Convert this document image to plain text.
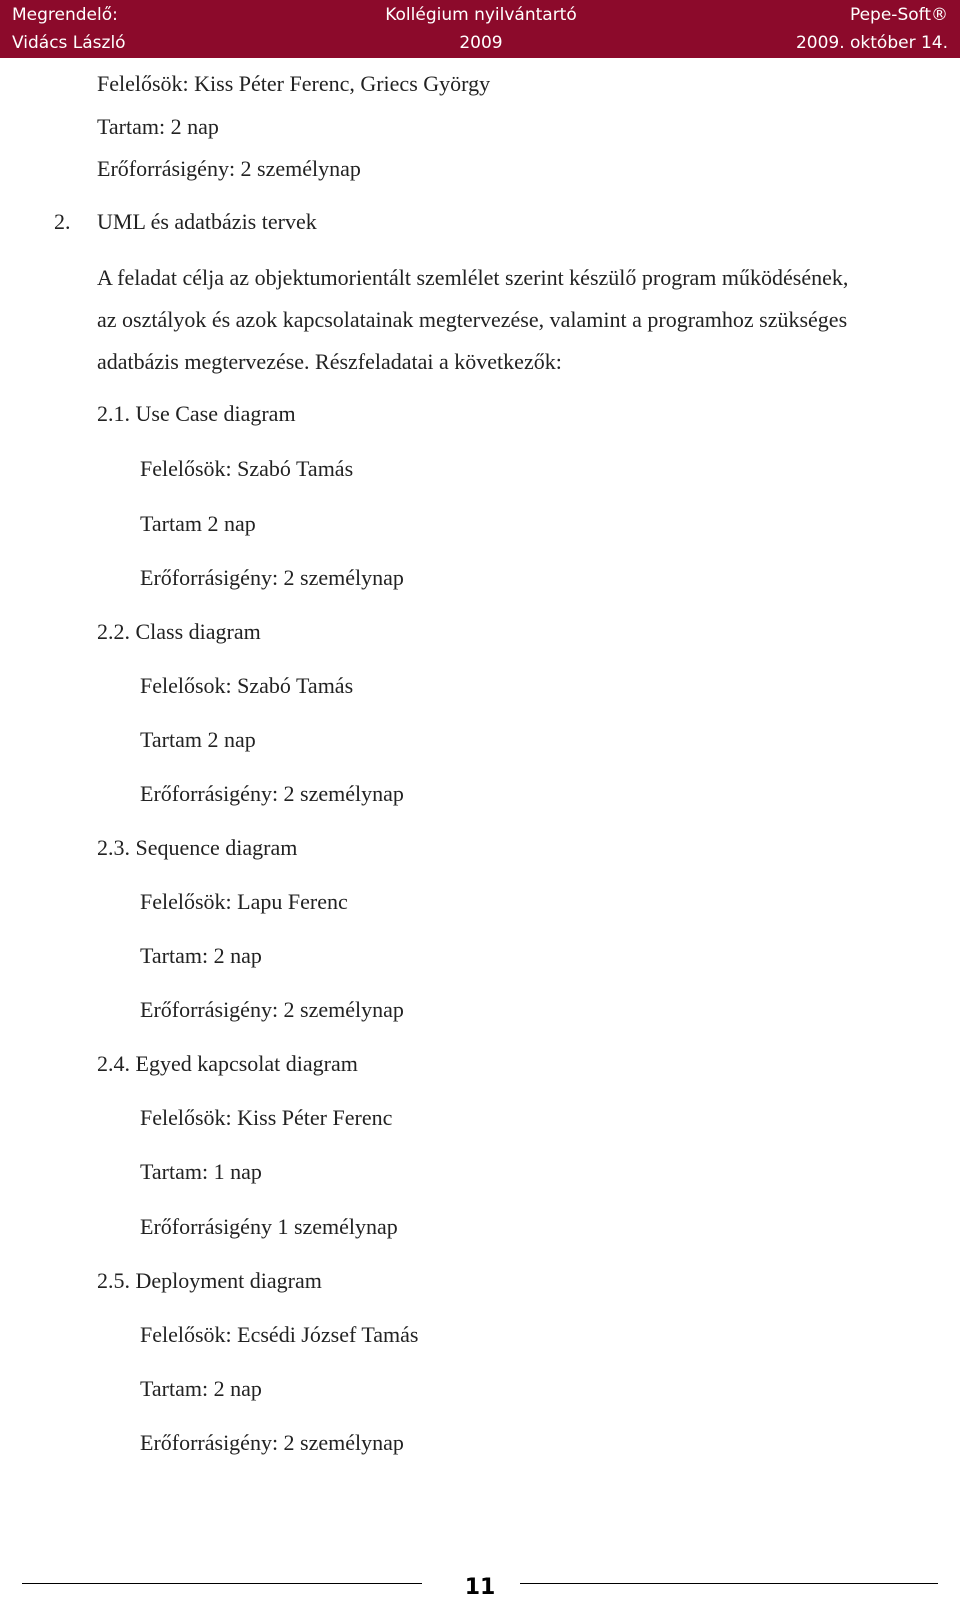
Megrendelő:
Vidács László
Kollégium nyilvántartó
2009
Pepe-Soft®
2009. október 14.
Felelősök: Kiss Péter Ferenc, Griecs György
Tartam: 2 nap
Erőforrásigény: 2 személynap
2. UML és adatbázis tervek
A feladat célja az objektumorientált szemlélet szerint készülő program működésének,
az osztályok és azok kapcsolatainak megtervezése, valamint a programhoz szükséges
adatbázis megtervezése. Részfeladatai a következők:
2.1. Use Case diagram
Felelősök: Szabó Tamás
Tartam 2 nap
Erőforrásigény: 2 személynap
2.2. Class diagram
Felelősok: Szabó Tamás
Tartam 2 nap
Erőforrásigény: 2 személynap
2.3. Sequence diagram
Felelősök: Lapu Ferenc
Tartam: 2 nap
Erőforrásigény: 2 személynap
2.4. Egyed kapcsolat diagram
Felelősök: Kiss Péter Ferenc
Tartam: 1 nap
Erőforrásigény 1 személynap
2.5. Deployment diagram
Felelősök: Ecsédi József Tamás
Tartam: 2 nap
Erőforrásigény: 2 személynap
11
